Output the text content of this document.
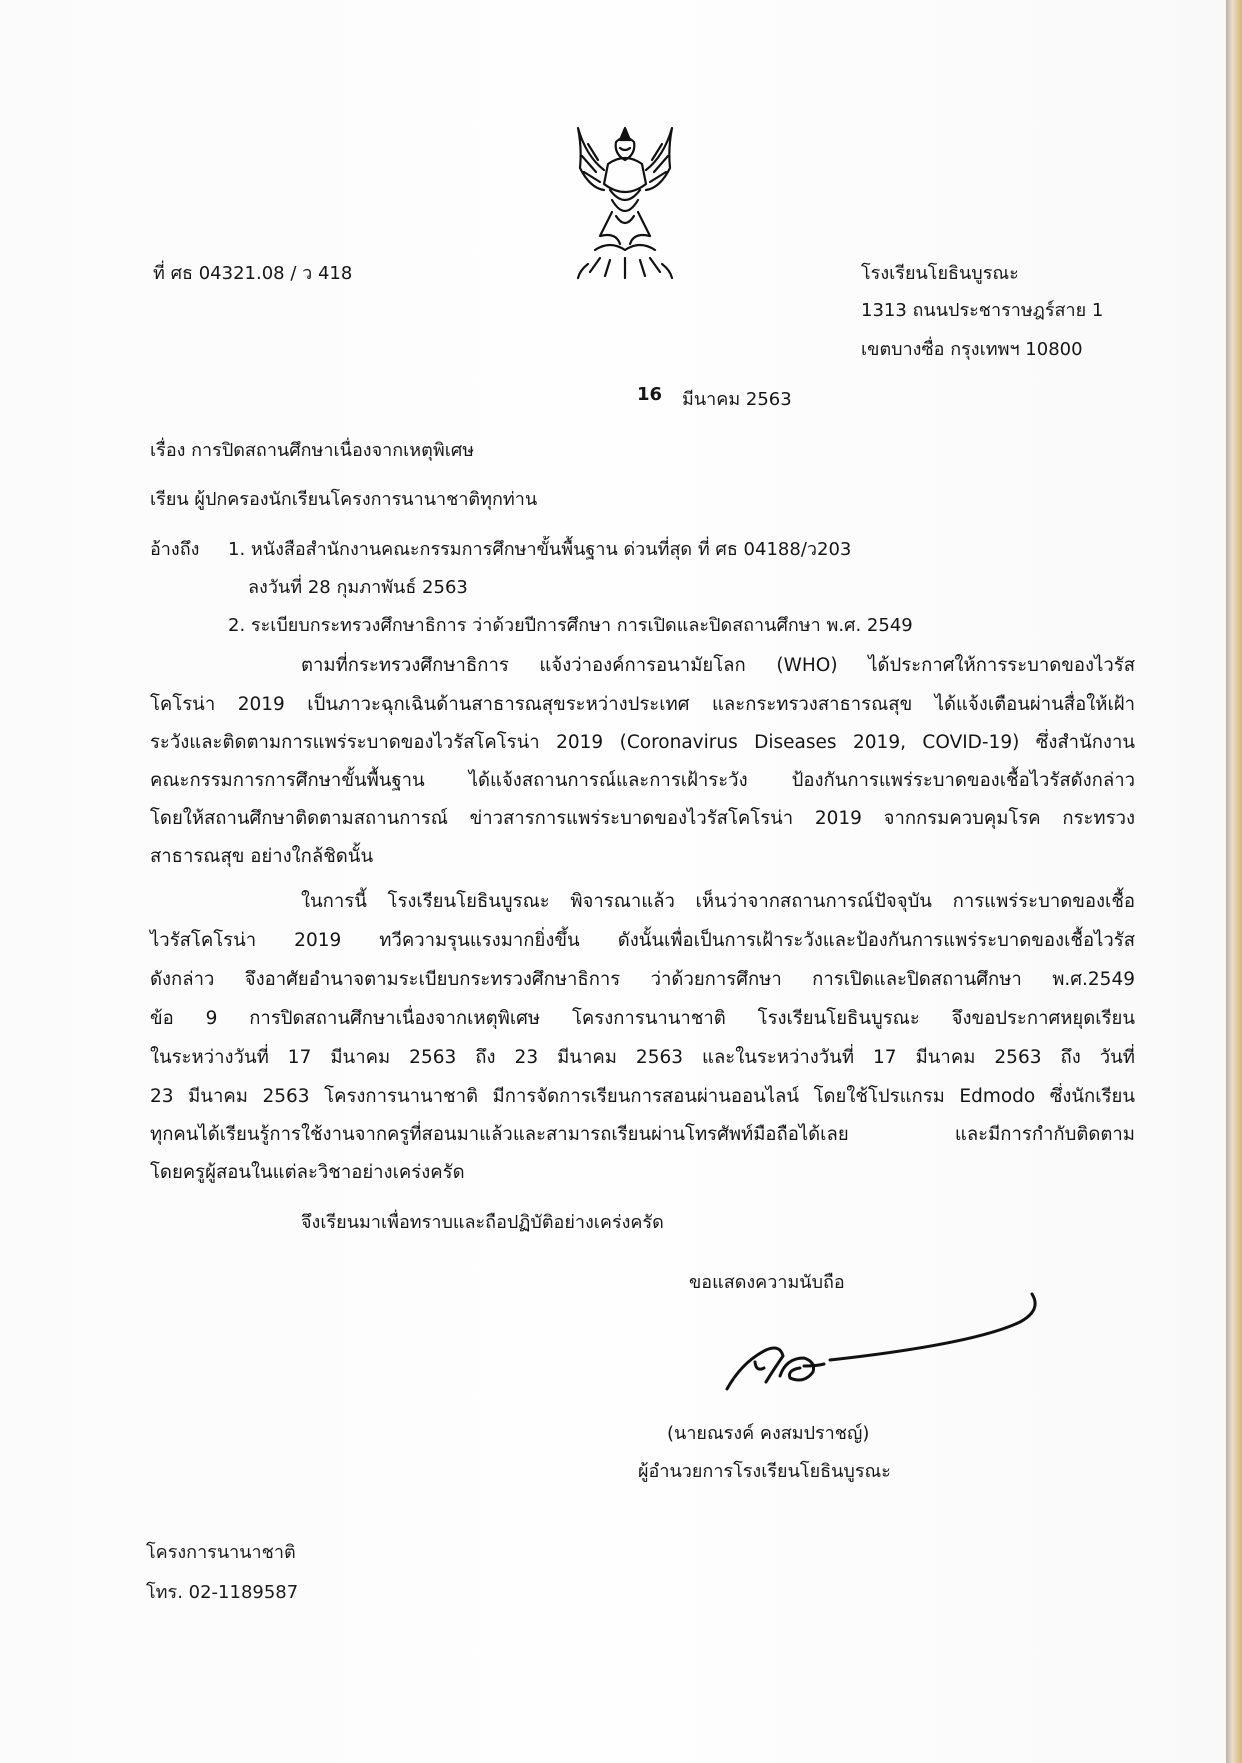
ที่ ศธ 04321.08 / ว 418	โรงเรียนโยธินบูรณะ
1313 ถนนประชาราษฎร์สาย 1
เขตบางซื่อ กรุงเทพฯ 10800
16 มีนาคม 2563
เรื่อง การปิดสถานศึกษาเนื่องจากเหตุพิเศษ
เรียน ผู้ปกครองนักเรียนโครงการนานาชาติทุกท่าน
อ้างถึง 1. หนังสือสำนักงานคณะกรรมการศึกษาขั้นพื้นฐาน ด่วนที่สุด ที่ ศธ 04188/ว203
ลงวันที่ 28 กุมภาพันธ์ 2563
2. ระเบียบกระทรวงศึกษาธิการ ว่าด้วยปีการศึกษา การเปิดและปิดสถานศึกษา พ.ศ. 2549
ตามที่กระทรวงศึกษาธิการ แจ้งว่าองค์การอนามัยโลก (WHO) ได้ประกาศให้การระบาดของไวรัส
โคโรน่า 2019 เป็นภาวะฉุกเฉินด้านสาธารณสุขระหว่างประเทศ และกระทรวงสาธารณสุข ได้แจ้งเตือนผ่านสื่อให้เฝ้า
ระวังและติดตามการแพร่ระบาดของไวรัสโคโรน่า 2019 (Coronavirus Diseases 2019, COVID-19) ซึ่งสำนักงาน
คณะกรรมการการศึกษาขั้นพื้นฐาน ได้แจ้งสถานการณ์และการเฝ้าระวัง ป้องกันการแพร่ระบาดของเชื้อไวรัสดังกล่าว
โดยให้สถานศึกษาติดตามสถานการณ์ ข่าวสารการแพร่ระบาดของไวรัสโคโรน่า 2019 จากกรมควบคุมโรค กระทรวง
สาธารณสุข อย่างใกล้ชิดนั้น
ในการนี้ โรงเรียนโยธินบูรณะ พิจารณาแล้ว เห็นว่าจากสถานการณ์ปัจจุบัน การแพร่ระบาดของเชื้อ
ไวรัสโคโรน่า 2019 ทวีความรุนแรงมากยิ่งขึ้น ดังนั้นเพื่อเป็นการเฝ้าระวังและป้องกันการแพร่ระบาดของเชื้อไวรัส
ดังกล่าว จึงอาศัยอำนาจตามระเบียบกระทรวงศึกษาธิการ ว่าด้วยการศึกษา การเปิดและปิดสถานศึกษา พ.ศ.2549
ข้อ 9 การปิดสถานศึกษาเนื่องจากเหตุพิเศษ โครงการนานาชาติ โรงเรียนโยธินบูรณะ จึงขอประกาศหยุดเรียน
ในระหว่างวันที่ 17 มีนาคม 2563 ถึง 23 มีนาคม 2563 และในระหว่างวันที่ 17 มีนาคม 2563 ถึง วันที่
23 มีนาคม 2563 โครงการนานาชาติ มีการจัดการเรียนการสอนผ่านออนไลน์ โดยใช้โปรแกรม Edmodo ซึ่งนักเรียน
ทุกคนได้เรียนรู้การใช้งานจากครูที่สอนมาแล้วและสามารถเรียนผ่านโทรศัพท์มือถือได้เลย และมีการกำกับติดตาม
โดยครูผู้สอนในแต่ละวิชาอย่างเคร่งครัด
จึงเรียนมาเพื่อทราบและถือปฏิบัติอย่างเคร่งครัด
ขอแสดงความนับถือ
(นายณรงค์ คงสมปราชญ์)
ผู้อำนวยการโรงเรียนโยธินบูรณะ
โครงการนานาชาติ
โทร. 02-1189587
